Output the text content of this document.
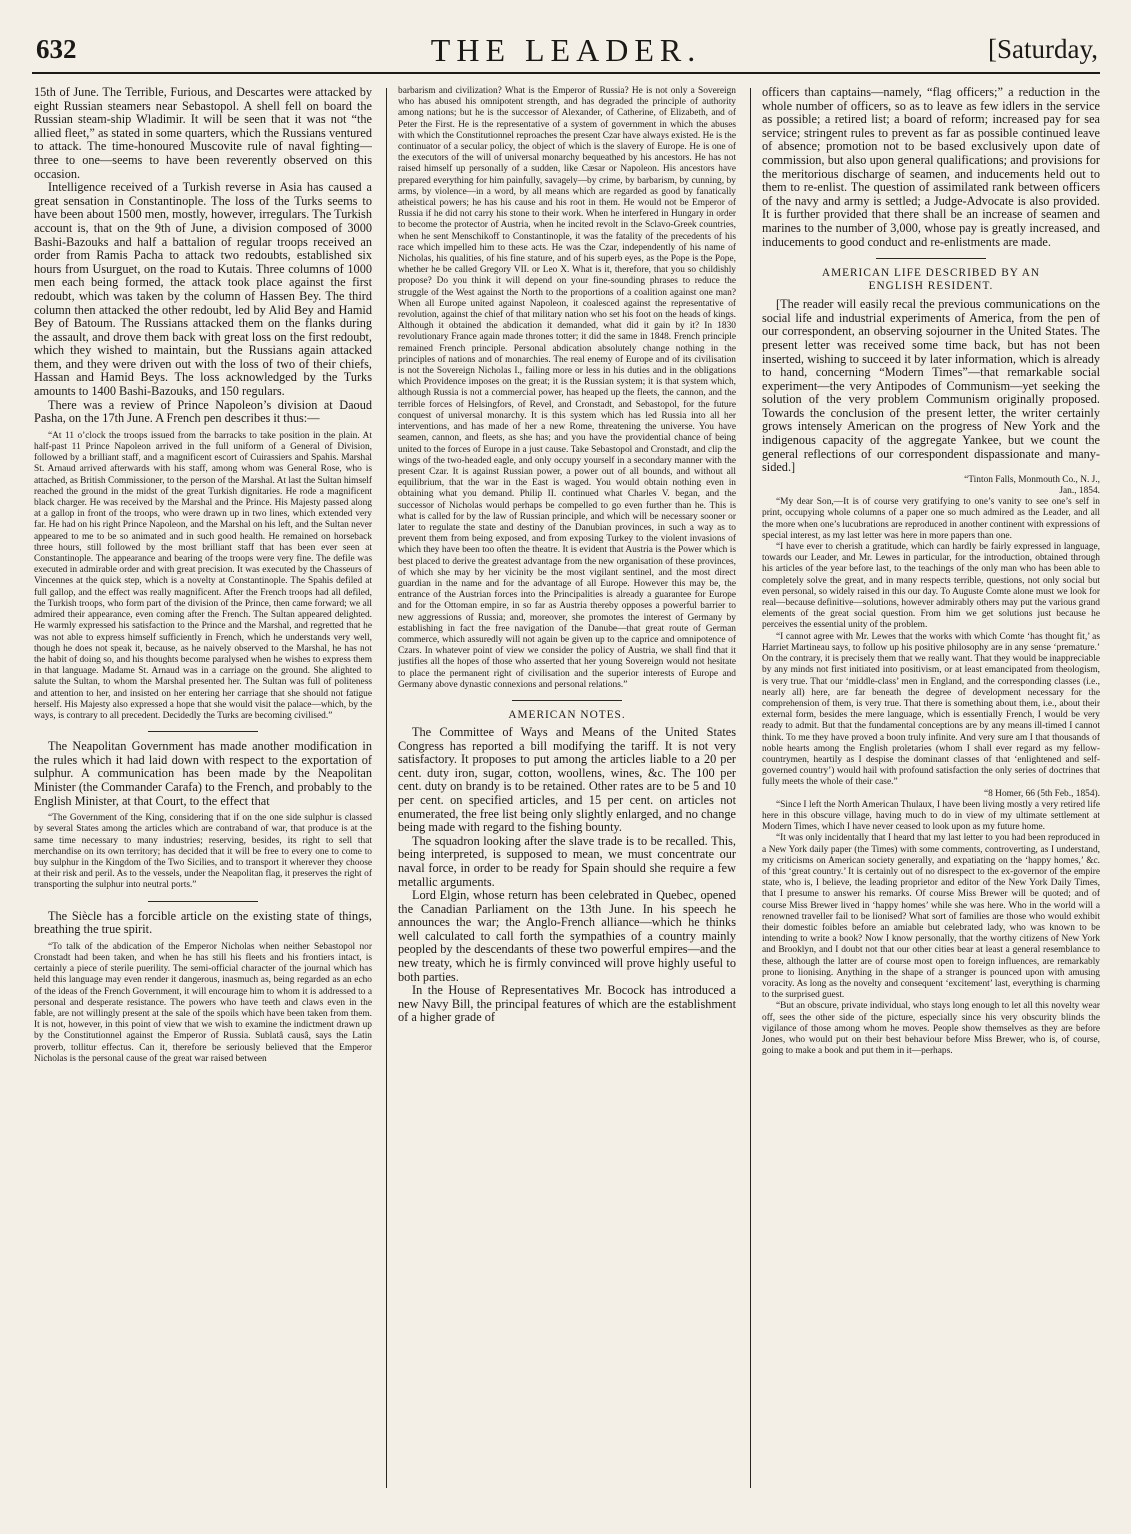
632	THE LEADER.	[Saturday,

15th of June. The Terrible, Furious, and Descartes were attacked by eight Russian steamers near Sebastopol. A shell fell on board the Russian steam-ship Wladimir. It will be seen that it was not “the allied fleet,” as stated in some quarters, which the Russians ventured to attack. The time-honoured Muscovite rule of naval fighting—three to one—seems to have been reverently observed on this occasion.

Intelligence received of a Turkish reverse in Asia has caused a great sensation in Constantinople. The loss of the Turks seems to have been about 1500 men, mostly, however, irregulars. The Turkish account is, that on the 9th of June, a division composed of 3000 Bashi-Bazouks and half a battalion of regular troops received an order from Ramis Pacha to attack two redoubts, established six hours from Usurguet, on the road to Kutais. Three columns of 1000 men each being formed, the attack took place against the first redoubt, which was taken by the column of Hassen Bey. The third column then attacked the other redoubt, led by Alid Bey and Hamid Bey of Batoum. The Russians attacked them on the flanks during the assault, and drove them back with great loss on the first redoubt, which they wished to maintain, but the Russians again attacked them, and they were driven out with the loss of two of their chiefs, Hassan and Hamid Beys. The loss acknowledged by the Turks amounts to 1400 Bashi-Bazouks, and 150 regulars.

There was a review of Prince Napoleon’s division at Daoud Pasha, on the 17th June. A French pen describes it thus:—

“At 11 o’clock the troops issued from the barracks to take position in the plain. At half-past 11 Prince Napoleon arrived in the full uniform of a General of Division, followed by a brilliant staff, and a magnificent escort of Cuirassiers and Spahis. Marshal St. Arnaud arrived afterwards with his staff, among whom was General Rose, who is attached, as British Commissioner, to the person of the Marshal. At last the Sultan himself reached the ground in the midst of the great Turkish dignitaries. He rode a magnificent black charger. He was received by the Marshal and the Prince. His Majesty passed along at a gallop in front of the troops, who were drawn up in two lines, which extended very far. He had on his right Prince Napoleon, and the Marshal on his left, and the Sultan never appeared to me to be so animated and in such good health. He remained on horseback three hours, still followed by the most brilliant staff that has been ever seen at Constantinople. The appearance and bearing of the troops were very fine. The defile was executed in admirable order and with great precision. It was executed by the Chasseurs of Vincennes at the quick step, which is a novelty at Constantinople. The Spahis defiled at full gallop, and the effect was really magnificent. After the French troops had all defiled, the Turkish troops, who form part of the division of the Prince, then came forward; we all admired their appearance, even coming after the French. The Sultan appeared delighted. He warmly expressed his satisfaction to the Prince and the Marshal, and regretted that he was not able to express himself sufficiently in French, which he understands very well, though he does not speak it, because, as he naively observed to the Marshal, he has not the habit of doing so, and his thoughts become paralysed when he wishes to express them in that language. Madame St. Arnaud was in a carriage on the ground. She alighted to salute the Sultan, to whom the Marshal presented her. The Sultan was full of politeness and attention to her, and insisted on her entering her carriage that she should not fatigue herself. His Majesty also expressed a hope that she would visit the palace—which, by the ways, is contrary to all precedent. Decidedly the Turks are becoming civilised.”

The Neapolitan Government has made another modification in the rules which it had laid down with respect to the exportation of sulphur. A communication has been made by the Neapolitan Minister (the Commander Carafa) to the French, and probably to the English Minister, at that Court, to the effect that

“The Government of the King, considering that if on the one side sulphur is classed by several States among the articles which are contraband of war, that produce is at the same time necessary to many industries; reserving, besides, its right to sell that merchandise on its own territory; has decided that it will be free to every one to come to buy sulphur in the Kingdom of the Two Sicilies, and to transport it wherever they choose at their risk and peril. As to the vessels, under the Neapolitan flag, it preserves the right of transporting the sulphur into neutral ports.”

The Siècle has a forcible article on the existing state of things, breathing the true spirit.

“To talk of the abdication of the Emperor Nicholas when neither Sebastopol nor Cronstadt had been taken, and when he has still his fleets and his frontiers intact, is certainly a piece of sterile puerility. The semi-official character of the journal which has held this language may even render it dangerous, inasmuch as, being regarded as an echo of the ideas of the French Government, it will encourage him to whom it is addressed to a personal and desperate resistance. The powers who have teeth and claws even in the fable, are not willingly present at the sale of the spoils which have been taken from them. It is not, however, in this point of view that we wish to examine the indictment drawn up by the Constitutionnel against the Emperor of Russia. Sublatâ causâ, says the Latin proverb, tollitur effectus. Can it, therefore be seriously believed that the Emperor Nicholas is the personal cause of the great war raised between

barbarism and civilization? What is the Emperor of Russia? He is not only a Sovereign who has abused his omnipotent strength, and has degraded the principle of authority among nations; but he is the successor of Alexander, of Catherine, of Elizabeth, and of Peter the First. He is the representative of a system of government in which the abuses with which the Constitutionnel reproaches the present Czar have always existed. He is the continuator of a secular policy, the object of which is the slavery of Europe. He is one of the executors of the will of universal monarchy bequeathed by his ancestors. He has not raised himself up personally of a sudden, like Cæsar or Napoleon. His ancestors have prepared everything for him painfully, savagely—by crime, by barbarism, by cunning, by arms, by violence—in a word, by all means which are regarded as good by fanatically atheistical powers; he has his cause and his root in them. He would not be Emperor of Russia if he did not carry his stone to their work. When he interfered in Hungary in order to become the protector of Austria, when he incited revolt in the Sclavo-Greek countries, when he sent Menschikoff to Constantinople, it was the fatality of the precedents of his race which impelled him to these acts. He was the Czar, independently of his name of Nicholas, his qualities, of his fine stature, and of his superb eyes, as the Pope is the Pope, whether he be called Gregory VII. or Leo X. What is it, therefore, that you so childishly propose? Do you think it will depend on your fine-sounding phrases to reduce the struggle of the West against the North to the proportions of a coalition against one man? When all Europe united against Napoleon, it coalesced against the representative of revolution, against the chief of that military nation who set his foot on the heads of kings. Although it obtained the abdication it demanded, what did it gain by it? In 1830 revolutionary France again made thrones totter; it did the same in 1848. French principle remained French principle. Personal abdication absolutely change nothing in the principles of nations and of monarchies. The real enemy of Europe and of its civilisation is not the Sovereign Nicholas I., failing more or less in his duties and in the obligations which Providence imposes on the great; it is the Russian system; it is that system which, although Russia is not a commercial power, has heaped up the fleets, the cannon, and the terrible forces of Helsingfors, of Revel, and Cronstadt, and Sebastopol, for the future conquest of universal monarchy. It is this system which has led Russia into all her interventions, and has made of her a new Rome, threatening the universe. You have seamen, cannon, and fleets, as she has; and you have the providential chance of being united to the forces of Europe in a just cause. Take Sebastopol and Cronstadt, and clip the wings of the two-headed eagle, and only occupy yourself in a secondary manner with the present Czar. It is against Russian power, a power out of all bounds, and without all equilibrium, that the war in the East is waged. You would obtain nothing even in obtaining what you demand. Philip II. continued what Charles V. began, and the successor of Nicholas would perhaps be compelled to go even further than he. This is what is called for by the law of Russian principle, and which will be necessary sooner or later to regulate the state and destiny of the Danubian provinces, in such a way as to prevent them from being exposed, and from exposing Turkey to the violent invasions of which they have been too often the theatre. It is evident that Austria is the Power which is best placed to derive the greatest advantage from the new organisation of these provinces, of which she may by her vicinity be the most vigilant sentinel, and the most direct guardian in the name and for the advantage of all Europe. However this may be, the entrance of the Austrian forces into the Principalities is already a guarantee for Europe and for the Ottoman empire, in so far as Austria thereby opposes a powerful barrier to new aggressions of Russia; and, moreover, she promotes the interest of Germany by establishing in fact the free navigation of the Danube—that great route of German commerce, which assuredly will not again be given up to the caprice and omnipotence of Czars. In whatever point of view we consider the policy of Austria, we shall find that it justifies all the hopes of those who asserted that her young Sovereign would not hesitate to place the permanent right of civilisation and the superior interests of Europe and Germany above dynastic connexions and personal relations.”

AMERICAN NOTES.

The Committee of Ways and Means of the United States Congress has reported a bill modifying the tariff. It is not very satisfactory. It proposes to put among the articles liable to a 20 per cent. duty iron, sugar, cotton, woollens, wines, &c. The 100 per cent. duty on brandy is to be retained. Other rates are to be 5 and 10 per cent. on specified articles, and 15 per cent. on articles not enumerated, the free list being only slightly enlarged, and no change being made with regard to the fishing bounty.

The squadron looking after the slave trade is to be recalled. This, being interpreted, is supposed to mean, we must concentrate our naval force, in order to be ready for Spain should she require a few metallic arguments.

Lord Elgin, whose return has been celebrated in Quebec, opened the Canadian Parliament on the 13th June. In his speech he announces the war; the Anglo-French alliance—which he thinks well calculated to call forth the sympathies of a country mainly peopled by the descendants of these two powerful empires—and the new treaty, which he is firmly convinced will prove highly useful to both parties.

In the House of Representatives Mr. Bocock has introduced a new Navy Bill, the principal features of which are the establishment of a higher grade of

officers than captains—namely, “flag officers;” a reduction in the whole number of officers, so as to leave as few idlers in the service as possible; a retired list; a board of reform; increased pay for sea service; stringent rules to prevent as far as possible continued leave of absence; promotion not to be based exclusively upon date of commission, but also upon general qualifications; and provisions for the meritorious discharge of seamen, and inducements held out to them to re-enlist. The question of assimilated rank between officers of the navy and army is settled; a Judge-Advocate is also provided. It is further provided that there shall be an increase of seamen and marines to the number of 3,000, whose pay is greatly increased, and inducements to good conduct and re-enlistments are made.

AMERICAN LIFE DESCRIBED BY AN
ENGLISH RESIDENT.

[The reader will easily recal the previous communications on the social life and industrial experiments of America, from the pen of our correspondent, an observing sojourner in the United States. The present letter was received some time back, but has not been inserted, wishing to succeed it by later information, which is already to hand, concerning “Modern Times”—that remarkable social experiment—the very Antipodes of Communism—yet seeking the solution of the very problem Communism originally proposed. Towards the conclusion of the present letter, the writer certainly grows intensely American on the progress of New York and the indigenous capacity of the aggregate Yankee, but we count the general reflections of our correspondent dispassionate and many-sided.]

“Tinton Falls, Monmouth Co., N. J.,

Jan., 1854.

“My dear Son,—It is of course very gratifying to one’s vanity to see one’s self in print, occupying whole columns of a paper one so much admired as the Leader, and all the more when one’s lucubrations are reproduced in another continent with expressions of special interest, as my last letter was here in more papers than one.

“I have ever to cherish a gratitude, which can hardly be fairly expressed in language, towards our Leader, and Mr. Lewes in particular, for the introduction, obtained through his articles of the year before last, to the teachings of the only man who has been able to completely solve the great, and in many respects terrible, questions, not only social but even personal, so widely raised in this our day. To Auguste Comte alone must we look for real—because definitive—solutions, however admirably others may put the various grand elements of the great social question. From him we get solutions just because he perceives the essential unity of the problem.

“I cannot agree with Mr. Lewes that the works with which Comte ‘has thought fit,’ as Harriet Martineau says, to follow up his positive philosophy are in any sense ‘premature.’ On the contrary, it is precisely them that we really want. That they would be inappreciable by any minds not first initiated into positivism, or at least emancipated from theologism, is very true. That our ‘middle-class’ men in England, and the corresponding classes (i.e., nearly all) here, are far beneath the degree of development necessary for the comprehension of them, is very true. That there is something about them, i.e., about their external form, besides the mere language, which is essentially French, I would be very ready to admit. But that the fundamental conceptions are by any means ill-timed I cannot think. To me they have proved a boon truly infinite. And very sure am I that thousands of noble hearts among the English proletaries (whom I shall ever regard as my fellow-countrymen, heartily as I despise the dominant classes of that ‘enlightened and self-governed country’) would hail with profound satisfaction the only series of doctrines that fully meets the whole of their case.”

“8 Homer, 66 (5th Feb., 1854).

“Since I left the North American Thulaux, I have been living mostly a very retired life here in this obscure village, having much to do in view of my ultimate settlement at Modern Times, which I have never ceased to look upon as my future home.

“It was only incidentally that I heard that my last letter to you had been reproduced in a New York daily paper (the Times) with some comments, controverting, as I understand, my criticisms on American society generally, and expatiating on the ‘happy homes,’ &c. of this ‘great country.’ It is certainly out of no disrespect to the ex-governor of the empire state, who is, I believe, the leading proprietor and editor of the New York Daily Times, that I presume to answer his remarks. Of course Miss Brewer will be quoted; and of course Miss Brewer lived in ‘happy homes’ while she was here. Who in the world will a renowned traveller fail to be lionised? What sort of families are those who would exhibit their domestic foibles before an amiable but celebrated lady, who was known to be intending to write a book? Now I know personally, that the worthy citizens of New York and Brooklyn, and I doubt not that our other cities bear at least a general resemblance to these, although the latter are of course most open to foreign influences, are remarkably prone to lionising. Anything in the shape of a stranger is pounced upon with amusing voracity. As long as the novelty and consequent ‘excitement’ last, everything is charming to the surprised guest.

“But an obscure, private individual, who stays long enough to let all this novelty wear off, sees the other side of the picture, especially since his very obscurity blinds the vigilance of those among whom he moves. People show themselves as they are before Jones, who would put on their best behaviour before Miss Brewer, who is, of course, going to make a book and put them in it—perhaps.
